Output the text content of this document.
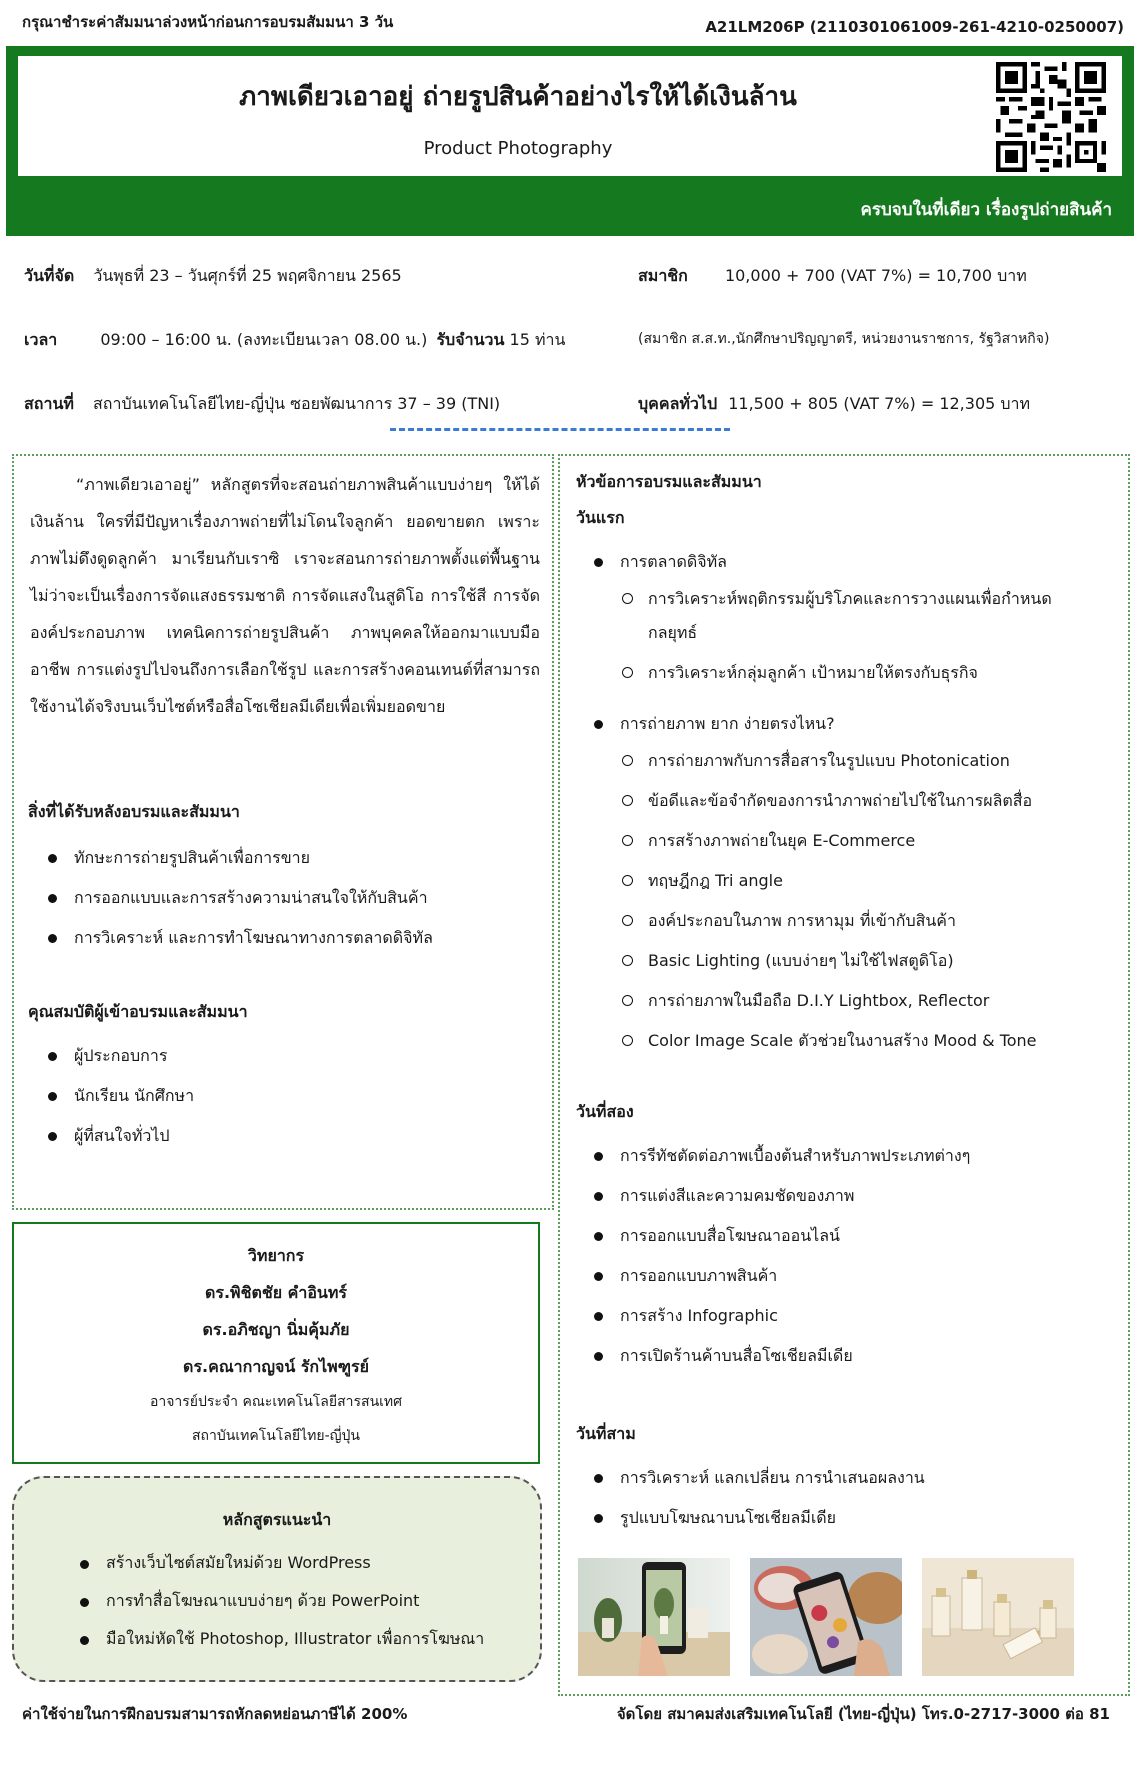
กรุณาชำระค่าสัมมนาล่วงหน้าก่อนการอบรมสัมมนา 3 วัน	A21LM206P (2110301061009-261-4210-0250007)
ภาพเดียวเอาอยู่ ถ่ายรูปสินค้าอย่างไรให้ได้เงินล้าน
Product Photography
ครบจบในที่เดียว เรื่องรูปถ่ายสินค้า
วันที่จัด วันพุธที่ 23 – วันศุกร์ที่ 25 พฤศจิกายน 2565
เวลา	09:00 – 16:00 น. (ลงทะเบียนเวลา 08.00 น.) รับจำนวน 15 ท่าน
สถานที่ สถาบันเทคโนโลยีไทย-ญี่ปุ่น ซอยพัฒนาการ 37 – 39 (TNI)
สมาชิก 10,000 + 700 (VAT 7%) = 10,700 บาท
(สมาชิก ส.ส.ท.,นักศึกษาปริญญาตรี, หน่วยงานราชการ, รัฐวิสาหกิจ)
บุคคลทั่วไป 11,500 + 805 (VAT 7%) = 12,305 บาท

“ภาพเดียวเอาอยู่” หลักสูตรที่จะสอนถ่ายภาพสินค้าแบบง่ายๆ ให้ได้เงินล้าน ใครที่มีปัญหาเรื่องภาพถ่ายที่ไม่โดนใจลูกค้า ยอดขายตก เพราะภาพไม่ดึงดูดลูกค้า มาเรียนกับเราซิ เราจะสอนการถ่ายภาพตั้งแต่พื้นฐาน ไม่ว่าจะเป็นเรื่องการจัดแสงธรรมชาติ การจัดแสงในสูดิโอ การใช้สี การจัดองค์ประกอบภาพ เทคนิคการถ่ายรูปสินค้า ภาพบุคคลให้ออกมาแบบมืออาชีพ การแต่งรูปไปจนถึงการเลือกใช้รูป และการสร้างคอนเทนต์ที่สามารถใช้งานได้จริงบนเว็บไซต์หรือสื่อโซเชียลมีเดียเพื่อเพิ่มยอดขาย

สิ่งที่ได้รับหลังอบรมและสัมมนา
ทักษะการถ่ายรูปสินค้าเพื่อการขาย
การออกแบบและการสร้างความน่าสนใจให้กับสินค้า
การวิเคราะห์ และการทำโฆษณาทางการตลาดดิจิทัล
คุณสมบัติผู้เข้าอบรมและสัมมนา
ผู้ประกอบการ
นักเรียน นักศึกษา
ผู้ที่สนใจทั่วไป
วิทยากร
ดร.พิชิตชัย คำอินทร์
ดร.อภิชญา นิ่มคุ้มภัย
ดร.คณากาญจน์ รักไพฑูรย์
อาจารย์ประจำ คณะเทคโนโลยีสารสนเทศ
สถาบันเทคโนโลยีไทย-ญี่ปุ่น
หลักสูตรแนะนำ
สร้างเว็บไซต์สมัยใหม่ด้วย WordPress
การทำสื่อโฆษณาแบบง่ายๆ ด้วย PowerPoint
มือใหม่หัดใช้ Photoshop, Illustrator เพื่อการโฆษณา
หัวข้อการอบรมและสัมมนา
วันแรก
การตลาดดิจิทัล
การวิเคราะห์พฤติกรรมผู้บริโภคและการวางแผนเพื่อกำหนดกลยุทธ์
การวิเคราะห์กลุ่มลูกค้า เป้าหมายให้ตรงกับธุรกิจ
การถ่ายภาพ ยาก ง่ายตรงไหน?
การถ่ายภาพกับการสื่อสารในรูปแบบ Photonication
ข้อดีและข้อจำกัดของการนำภาพถ่ายไปใช้ในการผลิตสื่อ
การสร้างภาพถ่ายในยุค E-Commerce
ทฤษฎีกฎ Tri angle
องค์ประกอบในภาพ การหามุม ที่เข้ากับสินค้า
Basic Lighting (แบบง่ายๆ ไม่ใช้ไฟสตูดิโอ)
การถ่ายภาพในมือถือ D.I.Y Lightbox, Reflector
Color Image Scale ตัวช่วยในงานสร้าง Mood & Tone
วันที่สอง
การรีทัชตัดต่อภาพเบื้องต้นสำหรับภาพประเภทต่างๆ
การแต่งสีและความคมชัดของภาพ
การออกแบบสื่อโฆษณาออนไลน์
การออกแบบภาพสินค้า
การสร้าง Infographic
การเปิดร้านค้าบนสื่อโซเชียลมีเดีย
วันที่สาม
การวิเคราะห์ แลกเปลี่ยน การนำเสนอผลงาน
รูปแบบโฆษณาบนโซเชียลมีเดีย
ค่าใช้จ่ายในการฝึกอบรมสามารถหักลดหย่อนภาษีได้ 200%	จัดโดย สมาคมส่งเสริมเทคโนโลยี (ไทย-ญี่ปุ่น) โทร.0-2717-3000 ต่อ 81
